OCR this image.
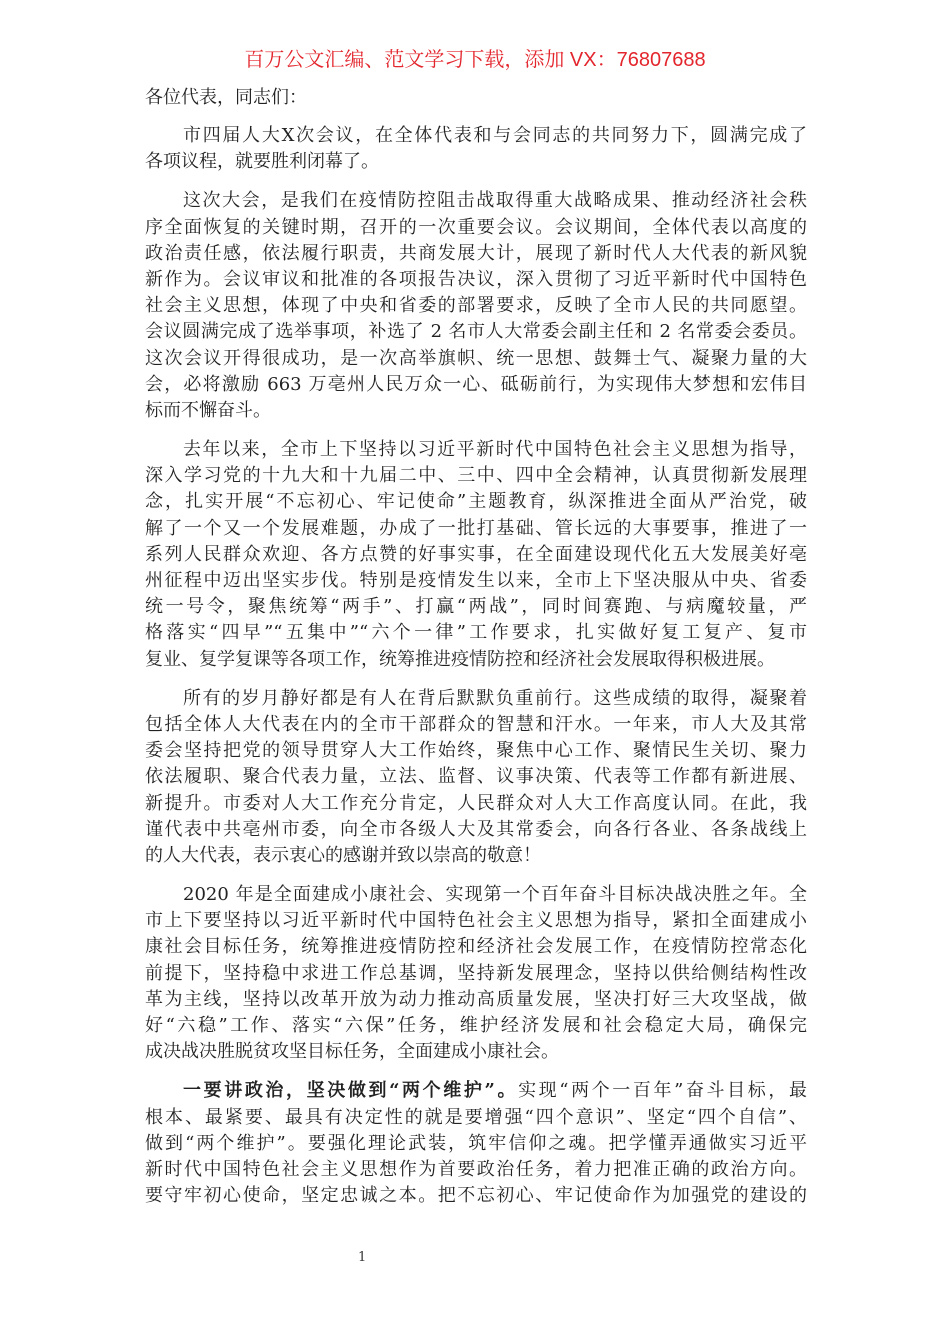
百万公文汇编、范文学习下载，添加 VX：76807688
各位代表，同志们：
市四届人大X次会议，在全体代表和与会同志的共同努力下，圆满完成了
各项议程，就要胜利闭幕了。
这次大会，是我们在疫情防控阻击战取得重大战略成果、推动经济社会秩
序全面恢复的关键时期，召开的一次重要会议。会议期间，全体代表以高度的
政治责任感，依法履行职责，共商发展大计，展现了新时代人大代表的新风貌
新作为。会议审议和批准的各项报告决议，深入贯彻了习近平新时代中国特色
社会主义思想，体现了中央和省委的部署要求，反映了全市人民的共同愿望。
会议圆满完成了选举事项，补选了 2 名市人大常委会副主任和 2 名常委会委员。
这次会议开得很成功，是一次高举旗帜、统一思想、鼓舞士气、凝聚力量的大
会，必将激励 663 万亳州人民万众一心、砥砺前行，为实现伟大梦想和宏伟目
标而不懈奋斗。
去年以来，全市上下坚持以习近平新时代中国特色社会主义思想为指导，
深入学习党的十九大和十九届二中、三中、四中全会精神，认真贯彻新发展理
念，扎实开展“不忘初心、牢记使命”主题教育，纵深推进全面从严治党，破
解了一个又一个发展难题，办成了一批打基础、管长远的大事要事，推进了一
系列人民群众欢迎、各方点赞的好事实事，在全面建设现代化五大发展美好亳
州征程中迈出坚实步伐。特别是疫情发生以来，全市上下坚决服从中央、省委
统一号令，聚焦统筹“两手”、打赢“两战”，同时间赛跑、与病魔较量，严
格落实“四早”“五集中”“六个一律”工作要求，扎实做好复工复产、复市
复业、复学复课等各项工作，统筹推进疫情防控和经济社会发展取得积极进展。
所有的岁月静好都是有人在背后默默负重前行。这些成绩的取得，凝聚着
包括全体人大代表在内的全市干部群众的智慧和汗水。一年来，市人大及其常
委会坚持把党的领导贯穿人大工作始终，聚焦中心工作、聚情民生关切、聚力
依法履职、聚合代表力量，立法、监督、议事决策、代表等工作都有新进展、
新提升。市委对人大工作充分肯定，人民群众对人大工作高度认同。在此，我
谨代表中共亳州市委，向全市各级人大及其常委会，向各行各业、各条战线上
的人大代表，表示衷心的感谢并致以崇高的敬意！
2020 年是全面建成小康社会、实现第一个百年奋斗目标决战决胜之年。全
市上下要坚持以习近平新时代中国特色社会主义思想为指导，紧扣全面建成小
康社会目标任务，统筹推进疫情防控和经济社会发展工作，在疫情防控常态化
前提下，坚持稳中求进工作总基调，坚持新发展理念，坚持以供给侧结构性改
革为主线，坚持以改革开放为动力推动高质量发展，坚决打好三大攻坚战，做
好“六稳”工作、落实“六保”任务，维护经济发展和社会稳定大局，确保完
成决战决胜脱贫攻坚目标任务，全面建成小康社会。
一要讲政治，坚决做到“两个维护”。实现“两个一百年”奋斗目标，最
根本、最紧要、最具有决定性的就是要增强“四个意识”、坚定“四个自信”、
做到“两个维护”。要强化理论武装，筑牢信仰之魂。把学懂弄通做实习近平
新时代中国特色社会主义思想作为首要政治任务，着力把准正确的政治方向。
要守牢初心使命，坚定忠诚之本。把不忘初心、牢记使命作为加强党的建设的
1
